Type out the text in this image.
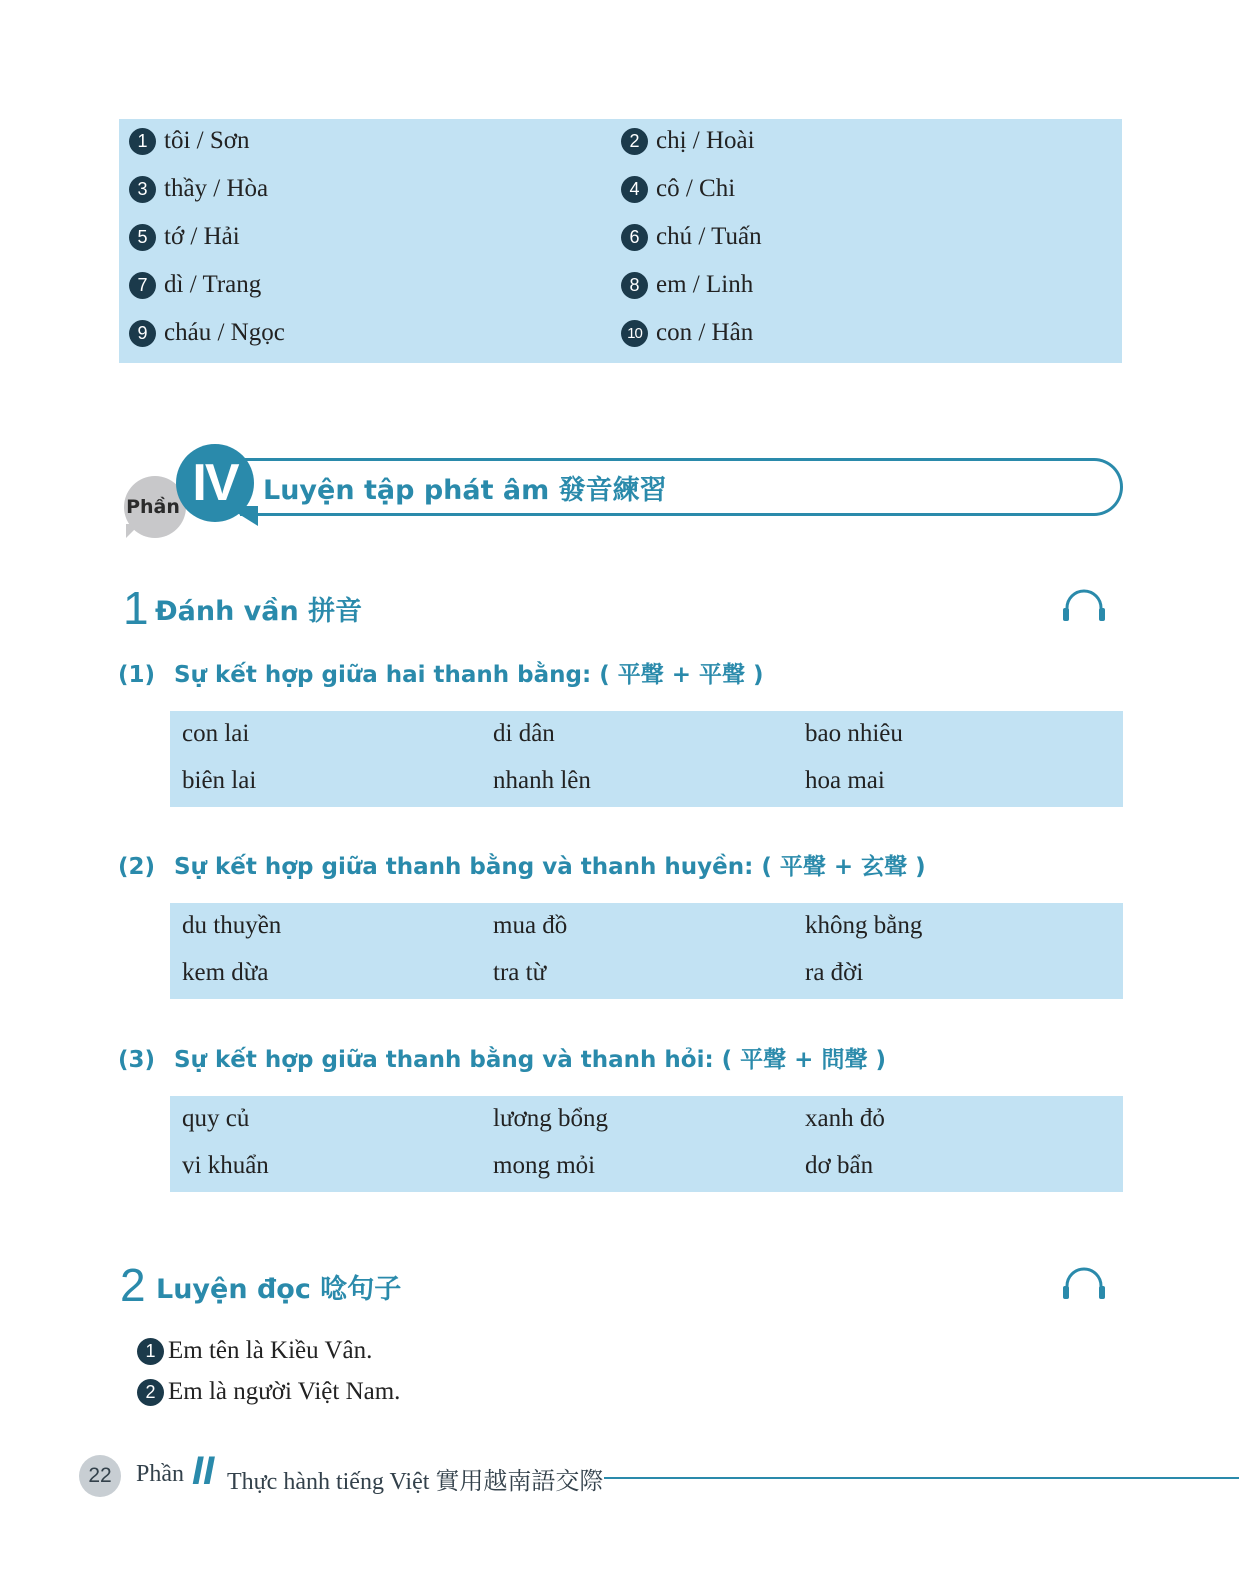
1 tôi / Sơn	2 chị / Hoài
3 thầy / Hòa	4 cô / Chi
5 tớ / Hải	6 chú / Tuấn
7 dì / Trang	8 em / Linh
9 cháu / Ngọc	10 con / Hân
Phần IV Luyện tập phát âm 發音練習
1 Đánh vần 拼音
(1) Sự kết hợp giữa hai thanh bằng: ( 平聲 + 平聲 )
con lai	di dân	bao nhiêu
biên lai	nhanh lên	hoa mai
(2) Sự kết hợp giữa thanh bằng và thanh huyền: ( 平聲 + 玄聲 )
du thuyền	mua đồ	không bằng
kem dừa	tra từ	ra đời
(3) Sự kết hợp giữa thanh bằng và thanh hỏi: ( 平聲 + 問聲 )
quy củ	lương bổng	xanh đỏ
vi khuẩn	mong mỏi	dơ bẩn
2 Luyện đọc 唸句子
1 Em tên là Kiều Vân.
2 Em là người Việt Nam.
22	Phần II Thực hành tiếng Việt 實用越南語交際
